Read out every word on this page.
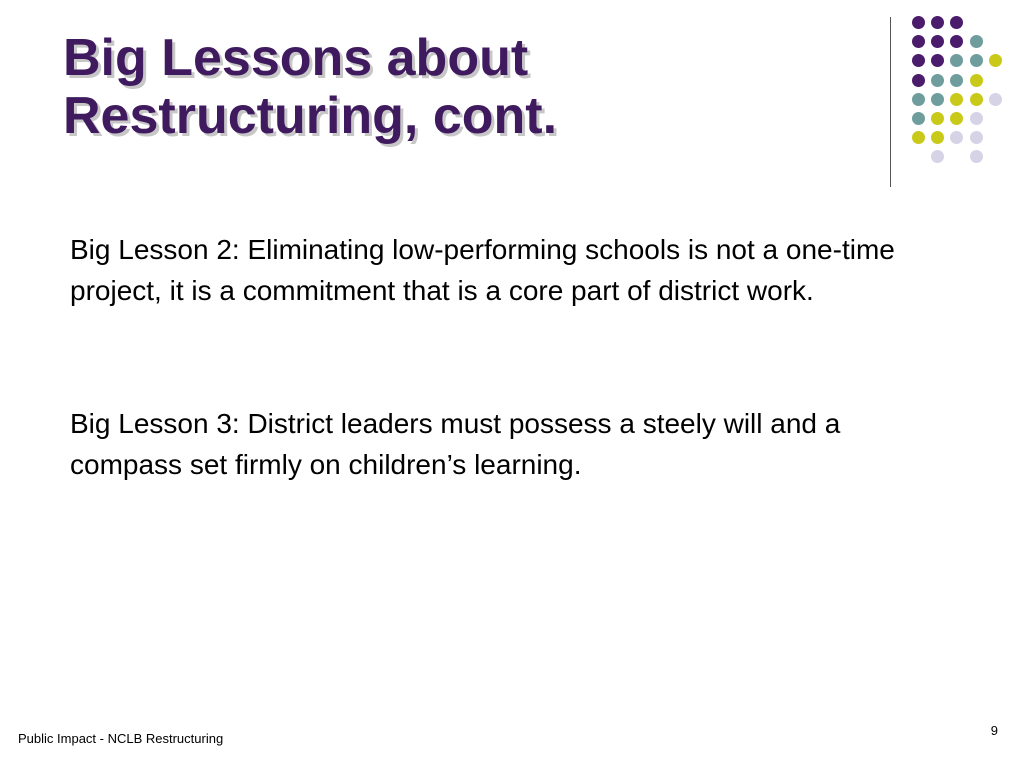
Big Lessons about
Restructuring, cont.

Big Lesson 2: Eliminating low-performing schools is not a one-time project, it is a commitment that is a core part of district work.

Big Lesson 3: District leaders must possess a steely will and a compass set firmly on children’s learning.

Public Impact - NCLB Restructuring
9
